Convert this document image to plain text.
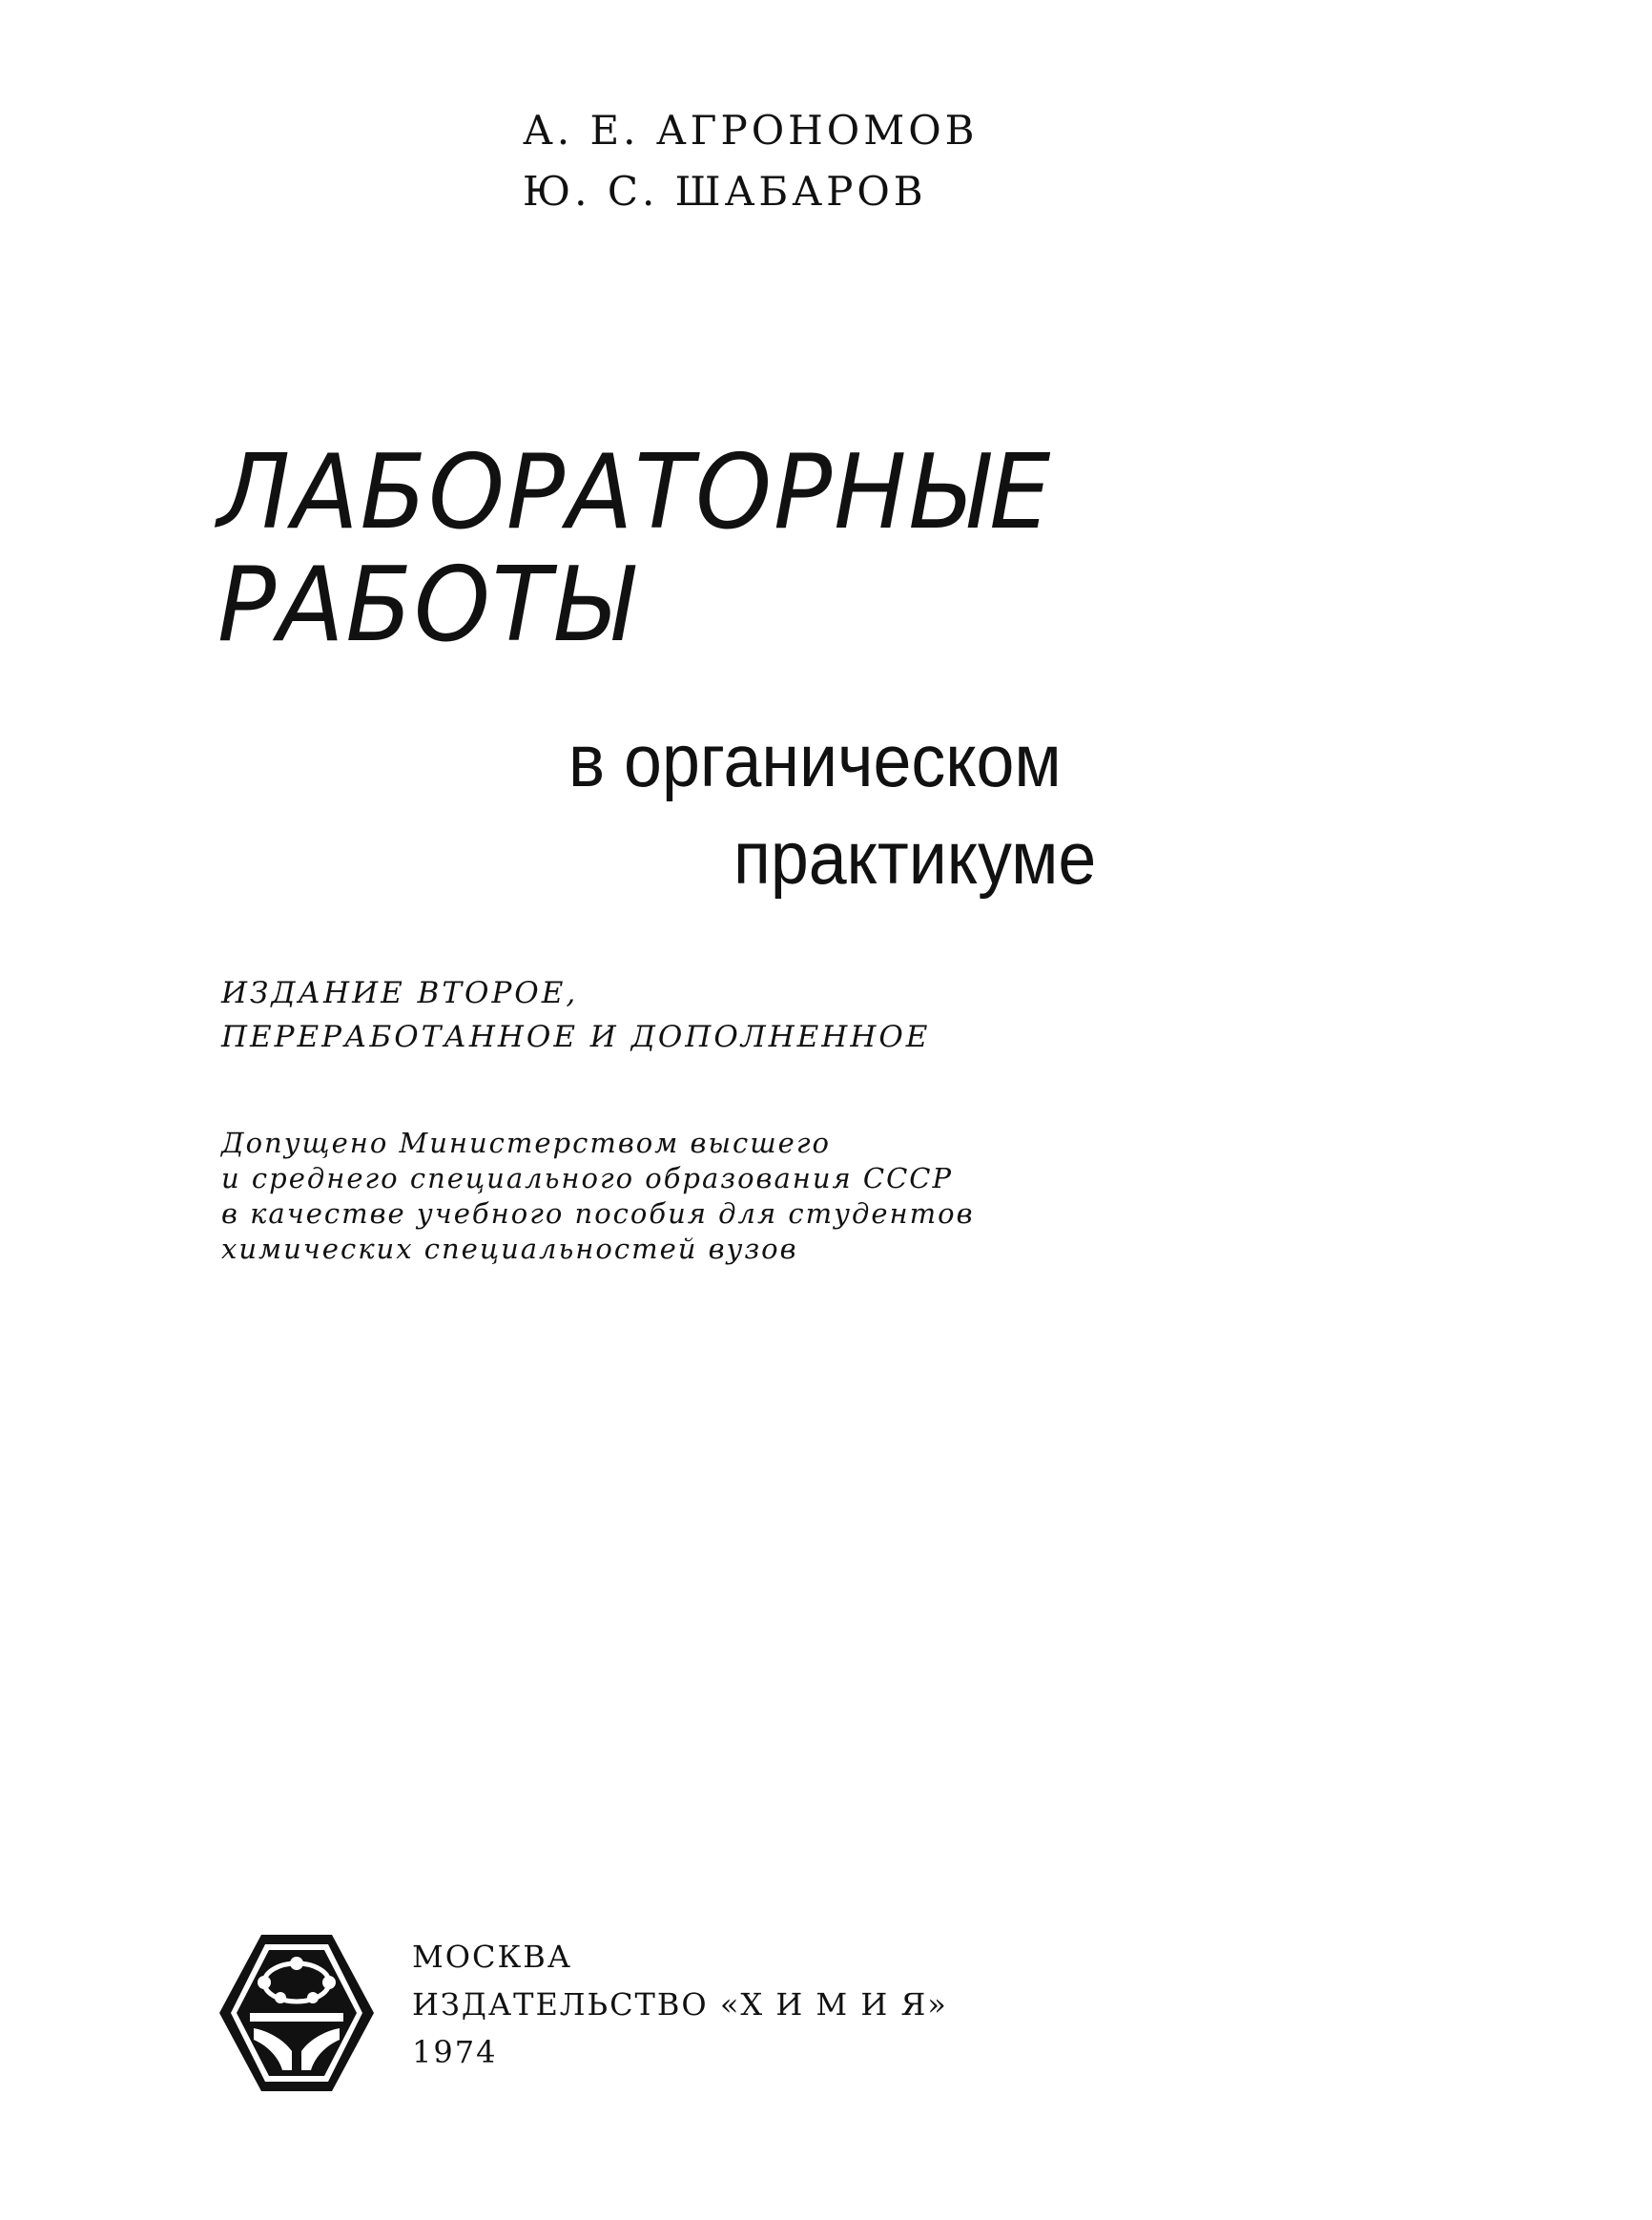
А. Е. АГРОНОМОВ
Ю. С. ШАБАРОВ
ЛАБОРАТОРНЫЕ
РАБОТЫ
в органическом
практикуме
ИЗДАНИЕ ВТОРОЕ,
ПЕРЕРАБОТАННОЕ И ДОПОЛНЕННОЕ
Допущено Министерством высшего
и среднего специального образования СССР
в качестве учебного пособия для студентов
химических специальностей вузов
МОСКВА
ИЗДАТЕЛЬСТВО «Х И М И Я»
1974
